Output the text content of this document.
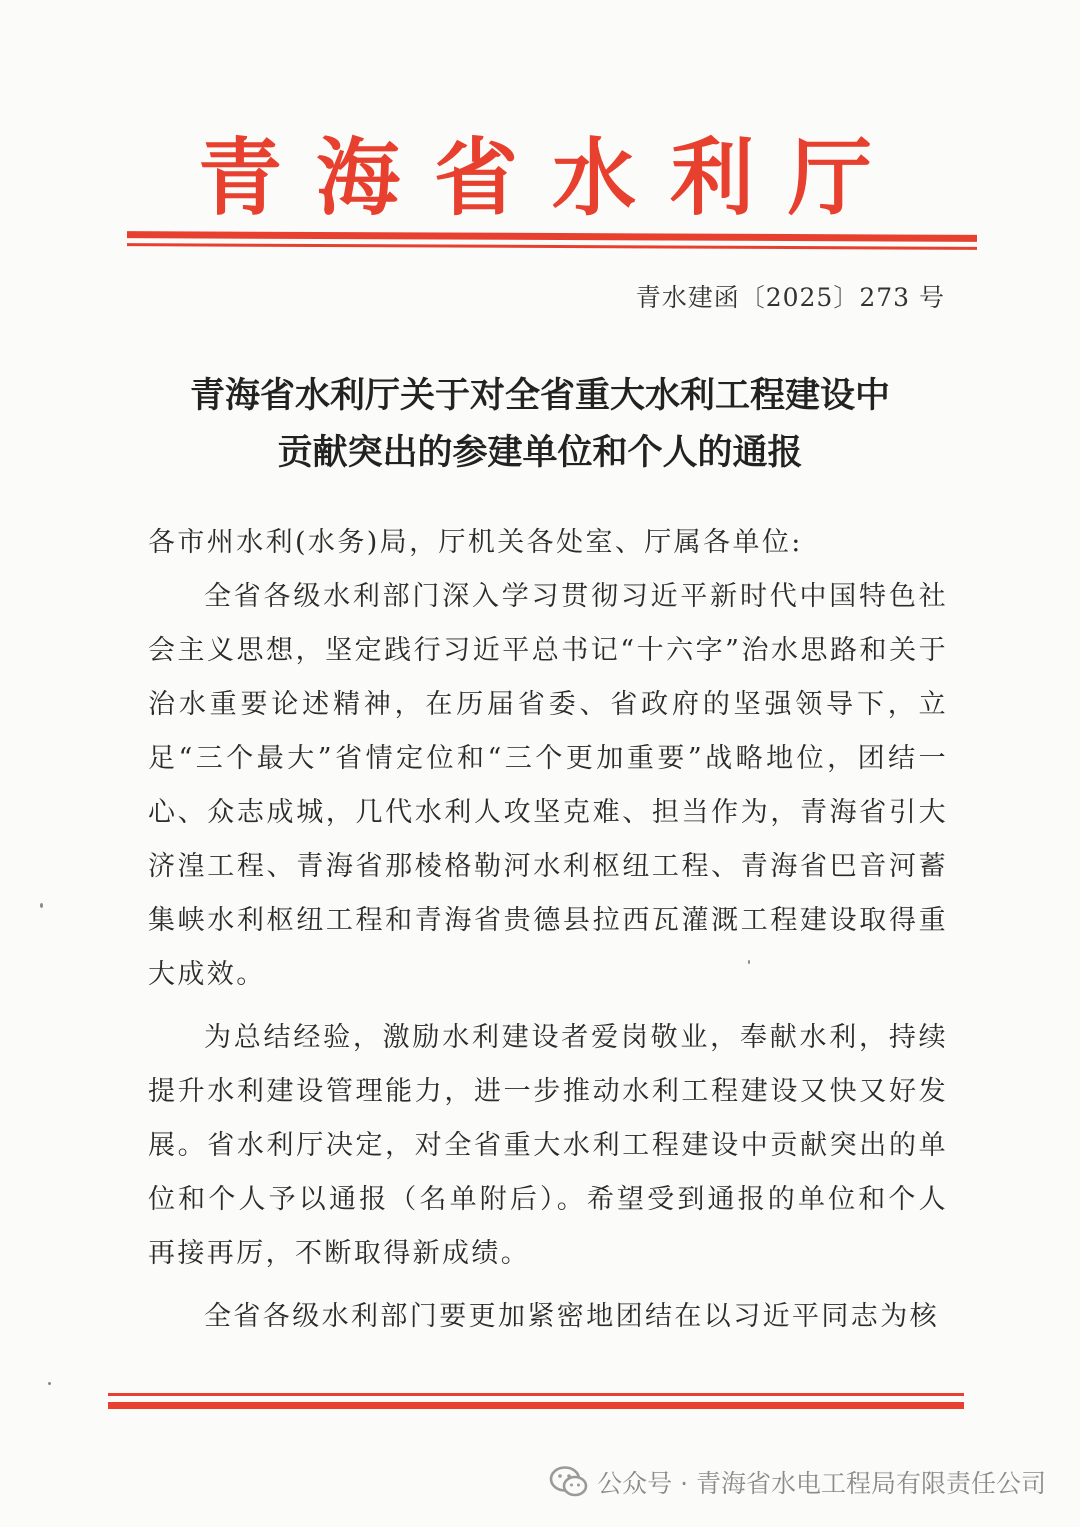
青海省水利厅
青水建函〔2025〕273 号
青海省水利厅关于对全省重大水利工程建设中
贡献突出的参建单位和个人的通报

各市州水利(水务)局，厅机关各处室、厅属各单位:

全省各级水利部门深入学习贯彻习近平新时代中国特色社会主义思想，坚定践行习近平总书记“十六字”治水思路和关于治水重要论述精神，在历届省委、省政府的坚强领导下，立足“三个最大”省情定位和“三个更加重要”战略地位，团结一心、众志成城，几代水利人攻坚克难、担当作为，青海省引大济湟工程、青海省那棱格勒河水利枢纽工程、青海省巴音河蓄集峡水利枢纽工程和青海省贵德县拉西瓦灌溉工程建设取得重大成效。

为总结经验，激励水利建设者爱岗敬业，奉献水利，持续提升水利建设管理能力，进一步推动水利工程建设又快又好发展。省水利厅决定，对全省重大水利工程建设中贡献突出的单位和个人予以通报（名单附后）。希望受到通报的单位和个人再接再厉，不断取得新成绩。

全省各级水利部门要更加紧密地团结在以习近平同志为核

公众号 · 青海省水电工程局有限责任公司
